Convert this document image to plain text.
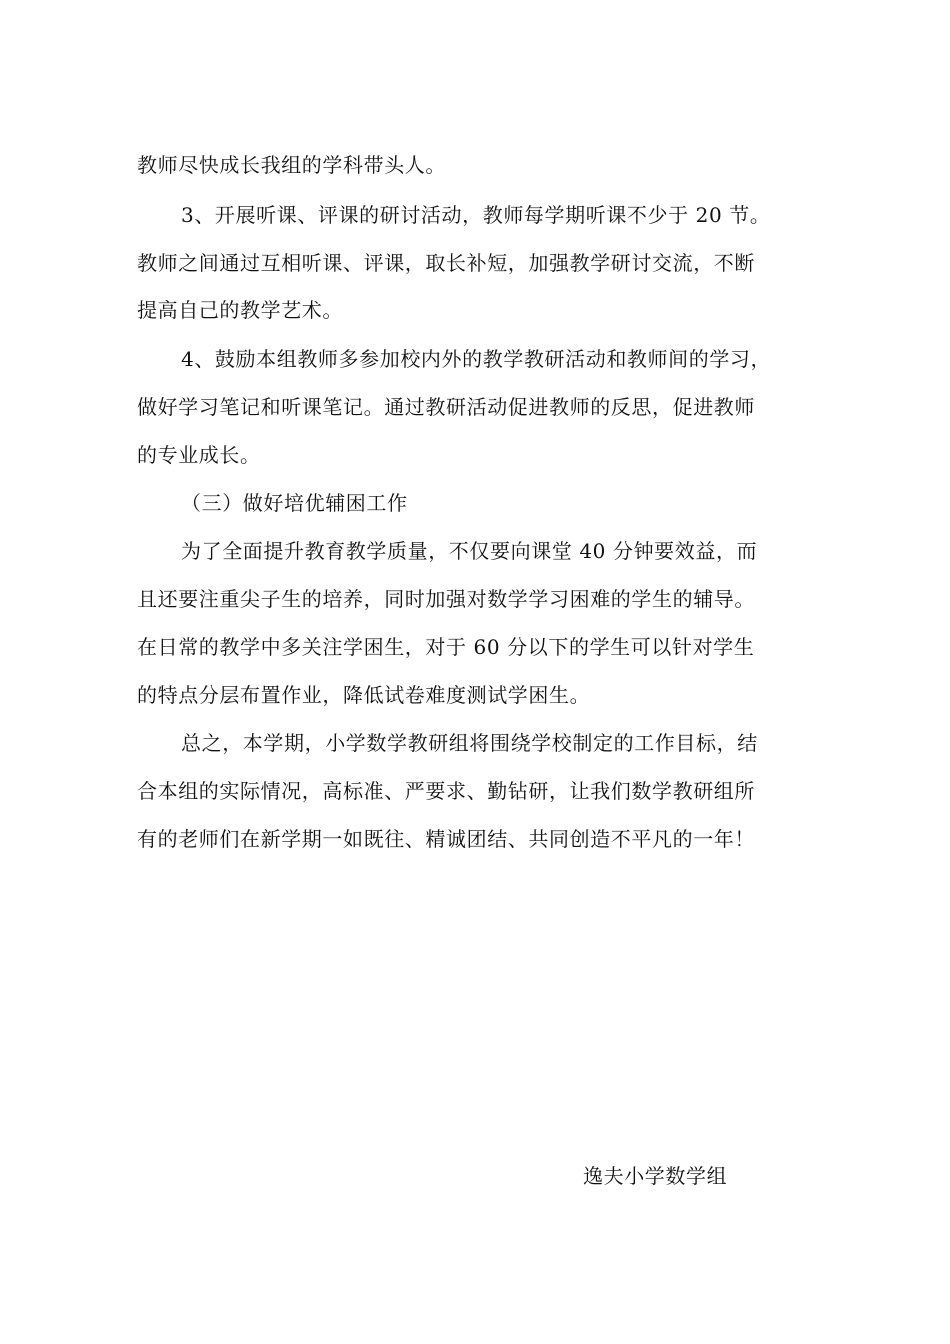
教师尽快成长我组的学科带头人。
3、开展听课、评课的研讨活动，教师每学期听课不少于 20 节。
教师之间通过互相听课、评课，取长补短，加强教学研讨交流，不断
提高自己的教学艺术。
4、鼓励本组教师多参加校内外的教学教研活动和教师间的学习，
做好学习笔记和听课笔记。通过教研活动促进教师的反思，促进教师
的专业成长。
（三）做好培优辅困工作
为了全面提升教育教学质量，不仅要向课堂 40 分钟要效益，而
且还要注重尖子生的培养，同时加强对数学学习困难的学生的辅导。
在日常的教学中多关注学困生，对于 60 分以下的学生可以针对学生
的特点分层布置作业，降低试卷难度测试学困生。
总之，本学期，小学数学教研组将围绕学校制定的工作目标，结
合本组的实际情况，高标准、严要求、勤钻研，让我们数学教研组所
有的老师们在新学期一如既往、精诚团结、共同创造不平凡的一年！
逸夫小学数学组
